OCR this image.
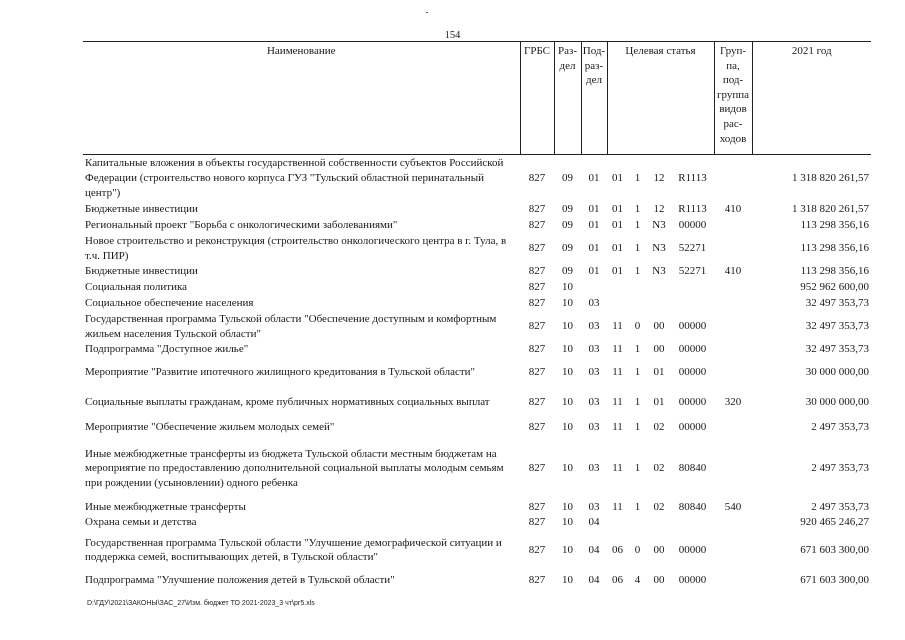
154
Наименование	ГРБС	Раз- дел	Под- раз- дел	Целевая статья				Груп- па, под- группа видов рас- ходов	2021 год
Капитальные вложения в объекты государственной собственности субъектов Российской Федерации (строительство нового корпуса ГУЗ "Тульский областной перинатальный центр")	827	09	01	01	1	12	R1113		1 318 820 261,57
Бюджетные инвестиции	827	09	01	01	1	12	R1113	410	1 318 820 261,57
Региональный проект "Борьба с онкологическими заболеваниями"	827	09	01	01	1	N3	00000		113 298 356,16
Новое строительство и реконструкция (строительство онкологического центра в г. Тула, в т.ч. ПИР)	827	09	01	01	1	N3	52271		113 298 356,16
Бюджетные инвестиции	827	09	01	01	1	N3	52271	410	113 298 356,16
Социальная политика	827	10							952 962 600,00
Социальное обеспечение населения	827	10	03						32 497 353,73
Государственная программа Тульской области "Обеспечение доступным и комфортным жильем населения Тульской области"	827	10	03	11	0	00	00000		32 497 353,73
Подпрограмма "Доступное жилье"	827	10	03	11	1	00	00000		32 497 353,73
Мероприятие "Развитие ипотечного жилищного кредитования в Тульской области"	827	10	03	11	1	01	00000		30 000 000,00
Социальные выплаты гражданам, кроме публичных нормативных социальных выплат	827	10	03	11	1	01	00000	320	30 000 000,00
Мероприятие "Обеспечение жильем молодых семей"	827	10	03	11	1	02	00000		2 497 353,73
Иные межбюджетные трансферты из бюджета Тульской области местным бюджетам на мероприятие по предоставлению дополнительной социальной выплаты молодым семьям при рождении (усыновлении) одного ребенка	827	10	03	11	1	02	80840		2 497 353,73
Иные межбюджетные трансферты	827	10	03	11	1	02	80840	540	2 497 353,73
Охрана семьи и детства	827	10	04						920 465 246,27
Государственная программа Тульской области "Улучшение демографической ситуации и поддержка семей, воспитывающих детей, в Тульской области"	827	10	04	06	0	00	00000		671 603 300,00
Подпрограмма "Улучшение положения детей в Тульской области"	827	10	04	06	4	00	00000		671 603 300,00
D:\ГДУ\2021\ЗАКОНЫ\ЗАС_27\Изм. бюджет ТО 2021-2023_3 чт\рг5.xls
